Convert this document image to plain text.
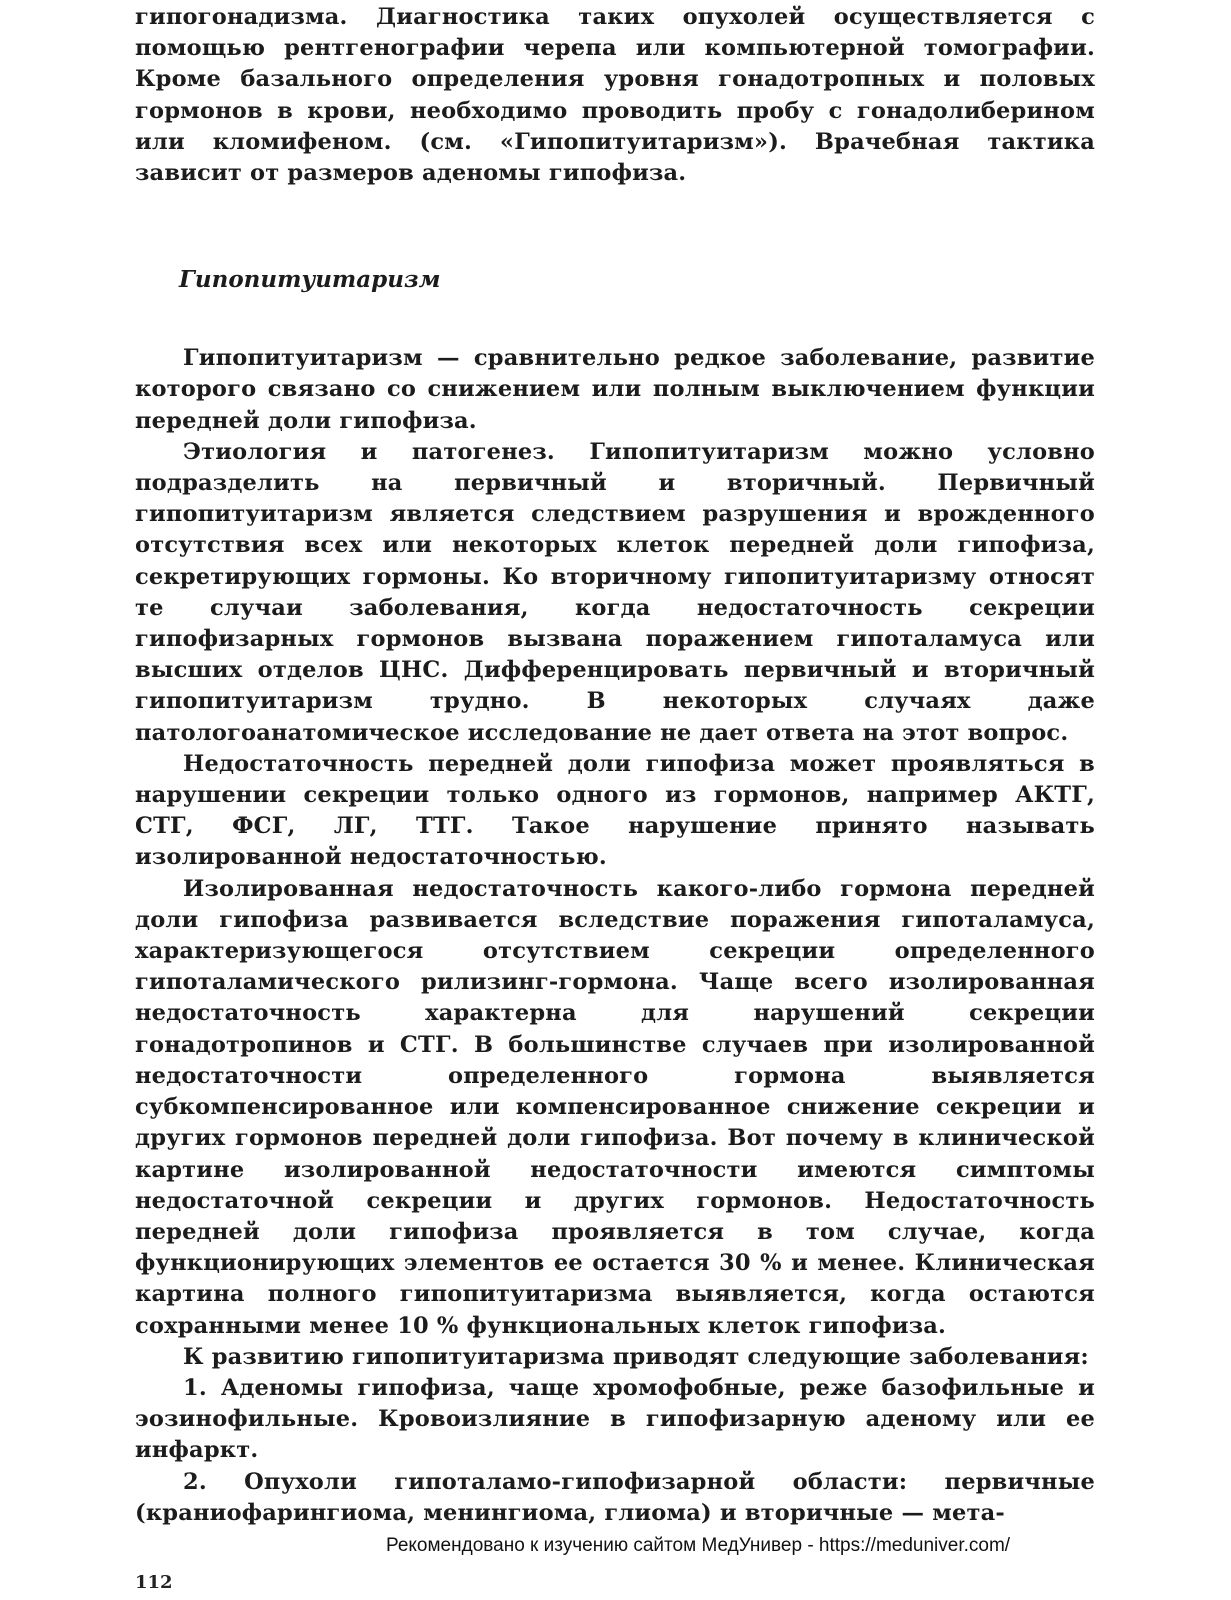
гипогонадизма. Диагностика таких опухолей осуществляется с помощью рентгенографии черепа или компьютерной томографии. Кроме базального определения уровня гонадотропных и половых гормонов в крови, необходимо проводить пробу с гонадолиберином или кломифеном. (см. «Гипопитуитаризм»). Врачебная тактика зависит от размеров аденомы гипофиза.

Гипопитуитаризм

Гипопитуитаризм — сравнительно редкое заболевание, развитие которого связано со снижением или полным выключением функции передней доли гипофиза.

Этиология и патогенез. Гипопитуитаризм можно условно подразделить на первичный и вторичный. Первичный гипопитуитаризм является следствием разрушения и врожденного отсутствия всех или некоторых клеток передней доли гипофиза, секретирующих гормоны. Ко вторичному гипопитуитаризму относят те случаи заболевания, когда недостаточность секреции гипофизарных гормонов вызвана поражением гипоталамуса или высших отделов ЦНС. Дифференцировать первичный и вторичный гипопитуитаризм трудно. В некоторых случаях даже патологоанатомическое исследование не дает ответа на этот вопрос.

Недостаточность передней доли гипофиза может проявляться в нарушении секреции только одного из гормонов, например АКТГ, СТГ, ФСГ, ЛГ, ТТГ. Такое нарушение принято называть изолированной недостаточностью.

Изолированная недостаточность какого-либо гормона передней доли гипофиза развивается вследствие поражения гипоталамуса, характеризующегося отсутствием секреции определенного гипоталамического рилизинг-гормона. Чаще всего изолированная недостаточность характерна для нарушений секреции гонадотропинов и СТГ. В большинстве случаев при изолированной недостаточности определенного гормона выявляется субкомпенсированное или компенсированное снижение секреции и других гормонов передней доли гипофиза. Вот почему в клинической картине изолированной недостаточности имеются симптомы недостаточной секреции и других гормонов. Недостаточность передней доли гипофиза проявляется в том случае, когда функционирующих элементов ее остается 30 % и менее. Клиническая картина полного гипопитуитаризма выявляется, когда остаются сохранными менее 10 % функциональных клеток гипофиза.

К развитию гипопитуитаризма приводят следующие заболевания:

1. Аденомы гипофиза, чаще хромофобные, реже базофильные и эозинофильные. Кровоизлияние в гипофизарную аденому или ее инфаркт.

2. Опухоли гипоталамо-гипофизарной области: первичные (краниофарингиома, менингиома, глиома) и вторичные — мета-

Рекомендовано к изучению сайтом МедУнивер - https://meduniver.com/
112
